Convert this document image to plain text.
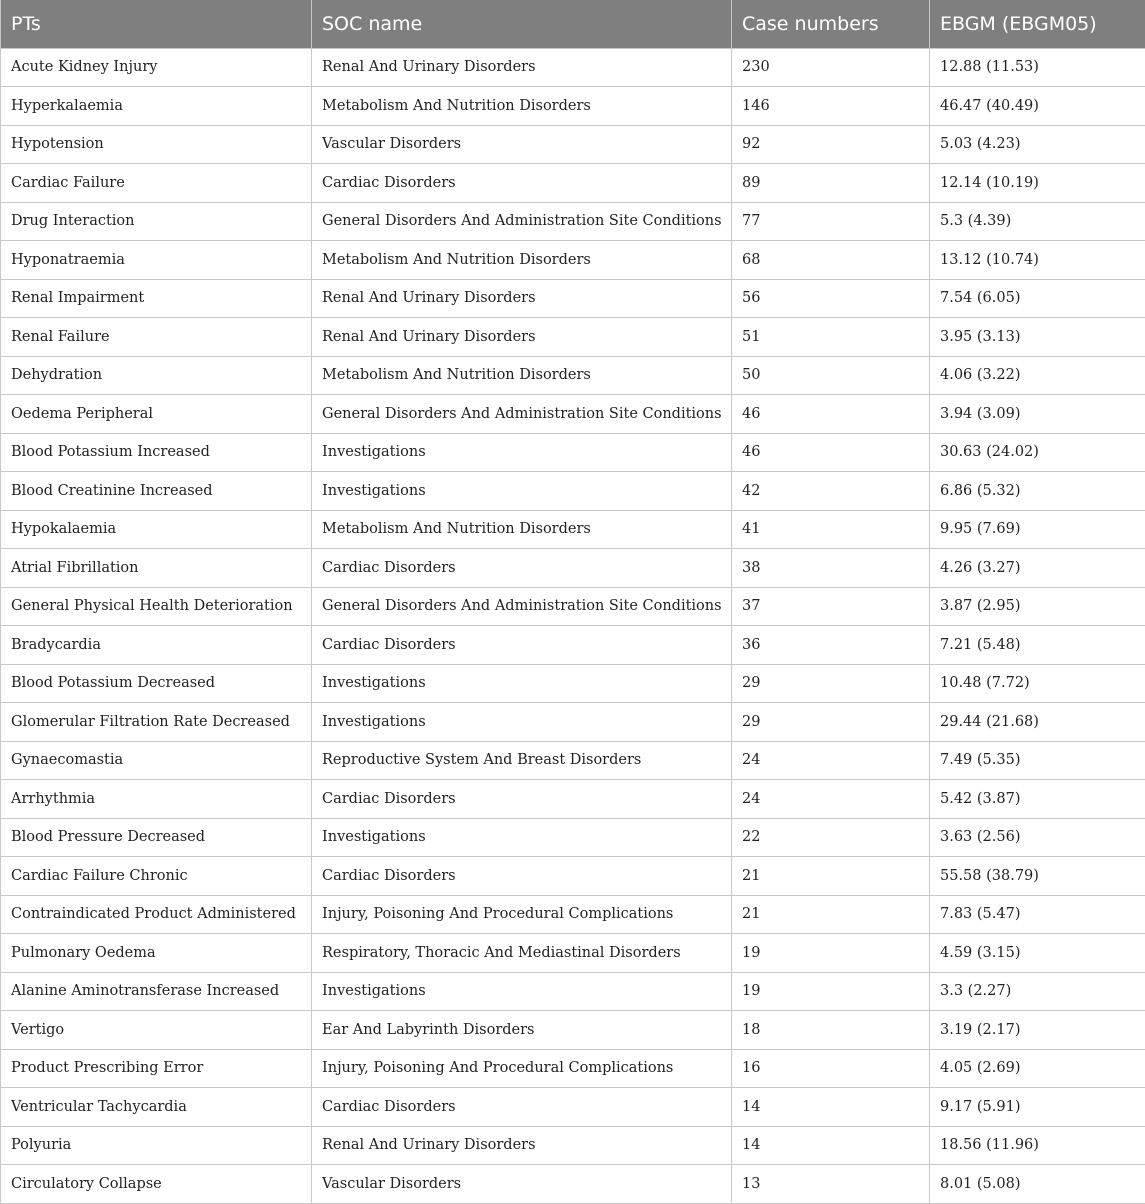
PTs	SOC name	Case numbers	EBGM (EBGM05)
Acute Kidney Injury	Renal And Urinary Disorders	230	12.88 (11.53)
Hyperkalaemia	Metabolism And Nutrition Disorders	146	46.47 (40.49)
Hypotension	Vascular Disorders	92	5.03 (4.23)
Cardiac Failure	Cardiac Disorders	89	12.14 (10.19)
Drug Interaction	General Disorders And Administration Site Conditions	77	5.3 (4.39)
Hyponatraemia	Metabolism And Nutrition Disorders	68	13.12 (10.74)
Renal Impairment	Renal And Urinary Disorders	56	7.54 (6.05)
Renal Failure	Renal And Urinary Disorders	51	3.95 (3.13)
Dehydration	Metabolism And Nutrition Disorders	50	4.06 (3.22)
Oedema Peripheral	General Disorders And Administration Site Conditions	46	3.94 (3.09)
Blood Potassium Increased	Investigations	46	30.63 (24.02)
Blood Creatinine Increased	Investigations	42	6.86 (5.32)
Hypokalaemia	Metabolism And Nutrition Disorders	41	9.95 (7.69)
Atrial Fibrillation	Cardiac Disorders	38	4.26 (3.27)
General Physical Health Deterioration	General Disorders And Administration Site Conditions	37	3.87 (2.95)
Bradycardia	Cardiac Disorders	36	7.21 (5.48)
Blood Potassium Decreased	Investigations	29	10.48 (7.72)
Glomerular Filtration Rate Decreased	Investigations	29	29.44 (21.68)
Gynaecomastia	Reproductive System And Breast Disorders	24	7.49 (5.35)
Arrhythmia	Cardiac Disorders	24	5.42 (3.87)
Blood Pressure Decreased	Investigations	22	3.63 (2.56)
Cardiac Failure Chronic	Cardiac Disorders	21	55.58 (38.79)
Contraindicated Product Administered	Injury, Poisoning And Procedural Complications	21	7.83 (5.47)
Pulmonary Oedema	Respiratory, Thoracic And Mediastinal Disorders	19	4.59 (3.15)
Alanine Aminotransferase Increased	Investigations	19	3.3 (2.27)
Vertigo	Ear And Labyrinth Disorders	18	3.19 (2.17)
Product Prescribing Error	Injury, Poisoning And Procedural Complications	16	4.05 (2.69)
Ventricular Tachycardia	Cardiac Disorders	14	9.17 (5.91)
Polyuria	Renal And Urinary Disorders	14	18.56 (11.96)
Circulatory Collapse	Vascular Disorders	13	8.01 (5.08)
